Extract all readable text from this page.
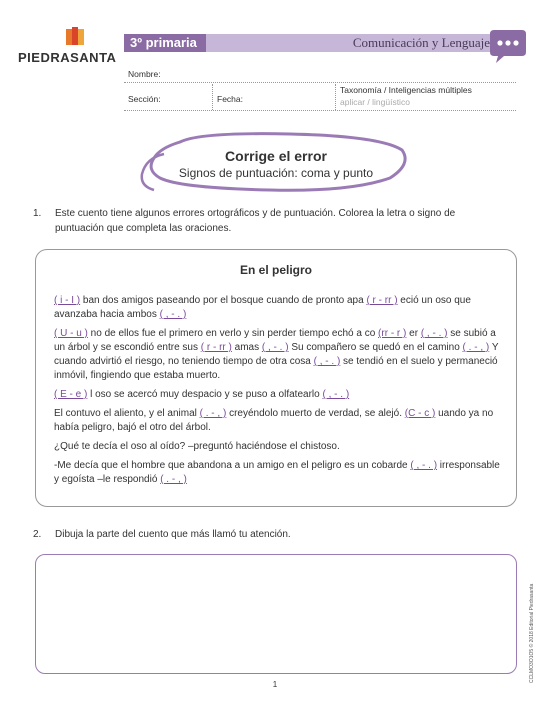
PIEDRASANTA
3º primaria	Comunicación y Lenguaje
Nombre:
Sección:	Fecha:
Taxonomía / Inteligencias múltiples
aplicar / lingüístico
Corrige el error
Signos de puntuación: coma y punto
1. Este cuento tiene algunos errores ortográficos y de puntuación. Colorea la letra o signo de puntuación que completa las oraciones.
En el peligro

( i - I ) ban dos amigos paseando por el bosque cuando de pronto apa ( r - rr ) eció un oso que avanzaba hacia ambos ( , - . )

( U - u ) no de ellos fue el primero en verlo y sin perder tiempo echó a co (rr - r ) er ( , - . ) se subió a un árbol y se escondió entre sus ( r - rr ) amas ( , - . ) Su compañero se quedó en el camino ( . - , ) Y cuando advirtió el riesgo, no teniendo tiempo de otra cosa ( , - . ) se tendió en el suelo y permaneció inmóvil, fingiendo que estaba muerto.

( E - e ) l oso se acercó muy despacio y se puso a olfatearlo ( , - . )

El contuvo el aliento, y el animal ( . - , ) creyéndolo muerto de verdad, se alejó. (C - c ) uando ya no había peligro, bajó el otro del árbol.

¿Qué te decía el oso al oído? –preguntó haciéndose el chistoso.

-Me decía que el hombre que abandona a un amigo en el peligro es un cobarde ( , - . ) irresponsable y egoísta –le respondió ( . - , )

2. Dibuja la parte del cuento que más llamó tu atención.
CCLMO3O1O5 © 2018 Editorial Piedrasanta
1
